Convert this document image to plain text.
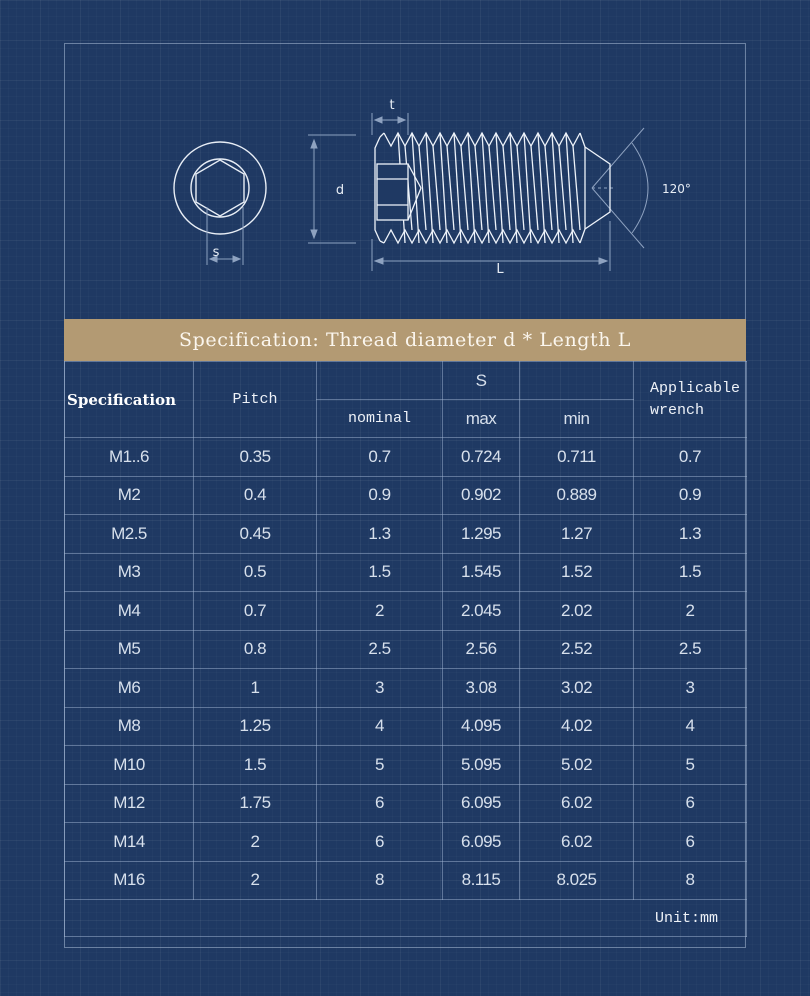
s
t
d
L
120°
Specification: Thread diameter d * Length L
Specification	Pitch		S		Applicable
wrench
		nominal	max	min	
M1..6	0.35	0.7	0.724	0.711	0.7
M2	0.4	0.9	0.902	0.889	0.9
M2.5	0.45	1.3	1.295	1.27	1.3
M3	0.5	1.5	1.545	1.52	1.5
M4	0.7	2	2.045	2.02	2
M5	0.8	2.5	2.56	2.52	2.5
M6	1	3	3.08	3.02	3
M8	1.25	4	4.095	4.02	4
M10	1.5	5	5.095	5.02	5
M12	1.75	6	6.095	6.02	6
M14	2	6	6.095	6.02	6
M16	2	8	8.115	8.025	8
Unit:mm					
